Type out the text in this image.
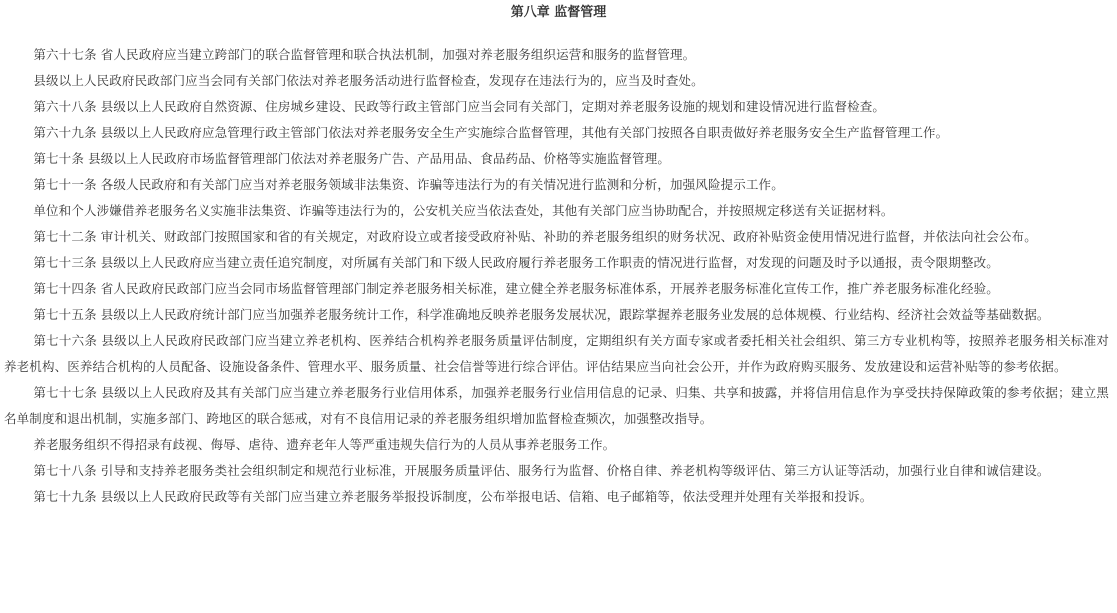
第八章 监督管理

第六十七条 省人民政府应当建立跨部门的联合监督管理和联合执法机制，加强对养老服务组织运营和服务的监督管理。

县级以上人民政府民政部门应当会同有关部门依法对养老服务活动进行监督检查，发现存在违法行为的，应当及时查处。

第六十八条 县级以上人民政府自然资源、住房城乡建设、民政等行政主管部门应当会同有关部门，定期对养老服务设施的规划和建设情况进行监督检查。

第六十九条 县级以上人民政府应急管理行政主管部门依法对养老服务安全生产实施综合监督管理，其他有关部门按照各自职责做好养老服务安全生产监督管理工作。

第七十条 县级以上人民政府市场监督管理部门依法对养老服务广告、产品用品、食品药品、价格等实施监督管理。

第七十一条 各级人民政府和有关部门应当对养老服务领域非法集资、诈骗等违法行为的有关情况进行监测和分析，加强风险提示工作。

单位和个人涉嫌借养老服务名义实施非法集资、诈骗等违法行为的，公安机关应当依法查处，其他有关部门应当协助配合，并按照规定移送有关证据材料。

第七十二条 审计机关、财政部门按照国家和省的有关规定，对政府设立或者接受政府补贴、补助的养老服务组织的财务状况、政府补贴资金使用情况进行监督，并依法向社会公布。

第七十三条 县级以上人民政府应当建立责任追究制度，对所属有关部门和下级人民政府履行养老服务工作职责的情况进行监督，对发现的问题及时予以通报，责令限期整改。

第七十四条 省人民政府民政部门应当会同市场监督管理部门制定养老服务相关标准，建立健全养老服务标准体系，开展养老服务标准化宣传工作，推广养老服务标准化经验。

第七十五条 县级以上人民政府统计部门应当加强养老服务统计工作，科学准确地反映养老服务发展状况，跟踪掌握养老服务业发展的总体规模、行业结构、经济社会效益等基础数据。

第七十六条 县级以上人民政府民政部门应当建立养老机构、医养结合机构养老服务质量评估制度，定期组织有关方面专家或者委托相关社会组织、第三方专业机构等，按照养老服务相关标准对养老机构、医养结合机构的人员配备、设施设备条件、管理水平、服务质量、社会信誉等进行综合评估。评估结果应当向社会公开，并作为政府购买服务、发放建设和运营补贴等的参考依据。

第七十七条 县级以上人民政府及其有关部门应当建立养老服务行业信用体系，加强养老服务行业信用信息的记录、归集、共享和披露，并将信用信息作为享受扶持保障政策的参考依据；建立黑名单制度和退出机制，实施多部门、跨地区的联合惩戒，对有不良信用记录的养老服务组织增加监督检查频次，加强整改指导。

养老服务组织不得招录有歧视、侮辱、虐待、遗弃老年人等严重违规失信行为的人员从事养老服务工作。

第七十八条 引导和支持养老服务类社会组织制定和规范行业标准，开展服务质量评估、服务行为监督、价格自律、养老机构等级评估、第三方认证等活动，加强行业自律和诚信建设。

第七十九条 县级以上人民政府民政等有关部门应当建立养老服务举报投诉制度，公布举报电话、信箱、电子邮箱等，依法受理并处理有关举报和投诉。
